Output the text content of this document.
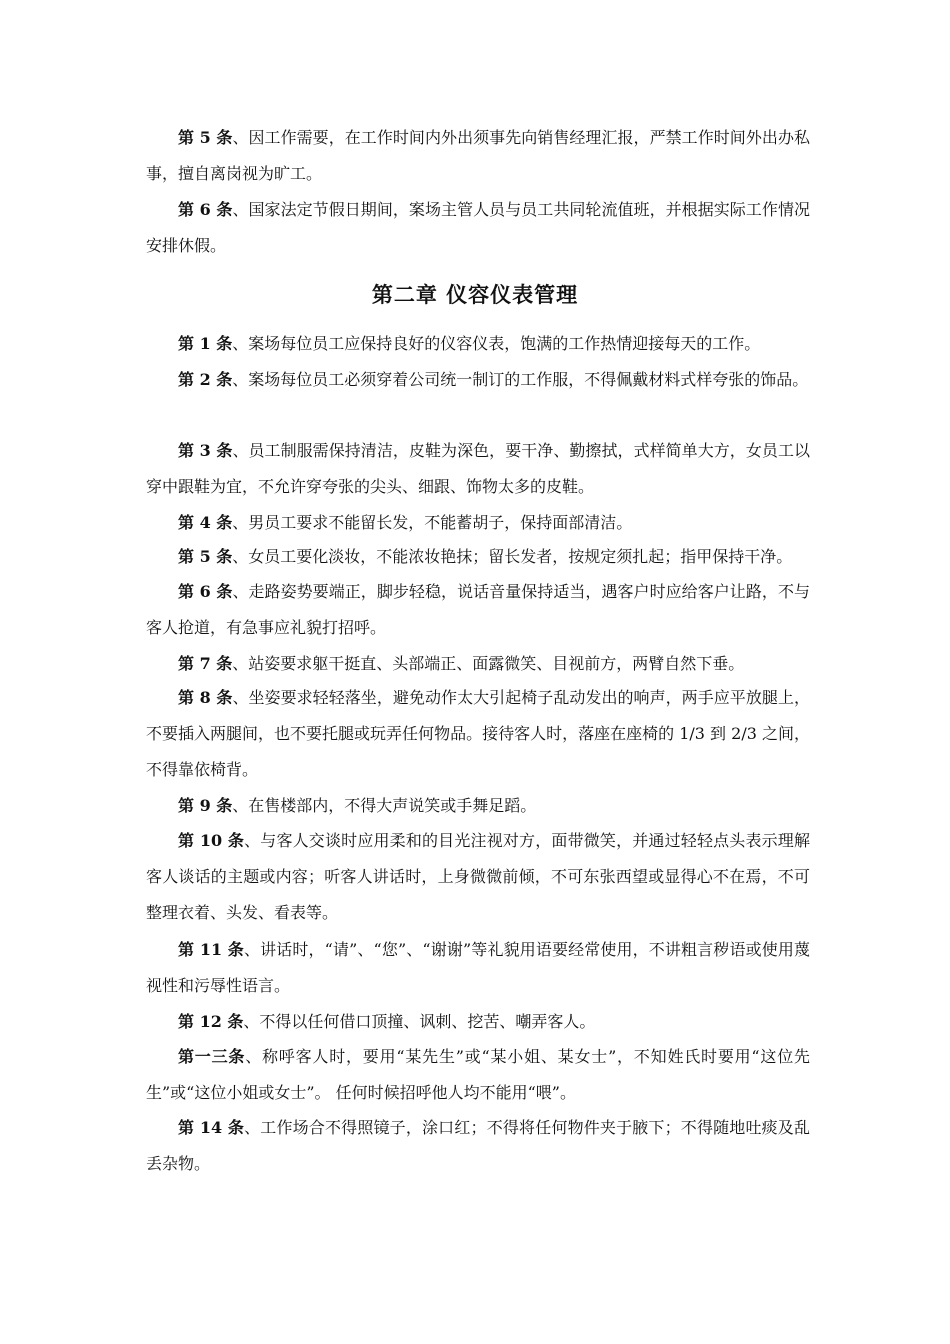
第 5 条、因工作需要，在工作时间内外出须事先向销售经理汇报，严禁工作时间外出办私事，擅自离岗视为旷工。

第 6 条、国家法定节假日期间，案场主管人员与员工共同轮流值班，并根据实际工作情况安排休假。

第二章 仪容仪表管理

第 1 条、案场每位员工应保持良好的仪容仪表，饱满的工作热情迎接每天的工作。

第 2 条、案场每位员工必须穿着公司统一制订的工作服，不得佩戴材料式样夸张的饰品。

第 3 条、员工制服需保持清洁，皮鞋为深色，要干净、勤擦拭，式样简单大方，女员工以穿中跟鞋为宜，不允许穿夸张的尖头、细跟、饰物太多的皮鞋。

第 4 条、男员工要求不能留长发，不能蓄胡子，保持面部清洁。

第 5 条、女员工要化淡妆，不能浓妆艳抹；留长发者，按规定须扎起；指甲保持干净。

第 6 条、走路姿势要端正，脚步轻稳，说话音量保持适当，遇客户时应给客户让路，不与客人抢道，有急事应礼貌打招呼。

第 7 条、站姿要求躯干挺直、头部端正、面露微笑、目视前方，两臂自然下垂。

第 8 条、坐姿要求轻轻落坐，避免动作太大引起椅子乱动发出的响声，两手应平放腿上，不要插入两腿间，也不要托腿或玩弄任何物品。接待客人时，落座在座椅的 1/3 到 2/3 之间，不得靠依椅背。

第 9 条、在售楼部内，不得大声说笑或手舞足蹈。

第 10 条、与客人交谈时应用柔和的目光注视对方，面带微笑，并通过轻轻点头表示理解客人谈话的主题或内容；听客人讲话时，上身微微前倾，不可东张西望或显得心不在焉，不可整理衣着、头发、看表等。

第 11 条、讲话时，“请”、“您”、“谢谢”等礼貌用语要经常使用，不讲粗言秽语或使用蔑视性和污辱性语言。

第 12 条、不得以任何借口顶撞、讽刺、挖苦、嘲弄客人。

第一三条、称呼客人时，要用“某先生”或“某小姐、某女士”，不知姓氏时要用“这位先生”或“这位小姐或女士”。 任何时候招呼他人均不能用“喂”。

第 14 条、工作场合不得照镜子，涂口红；不得将任何物件夹于腋下；不得随地吐痰及乱丢杂物。
